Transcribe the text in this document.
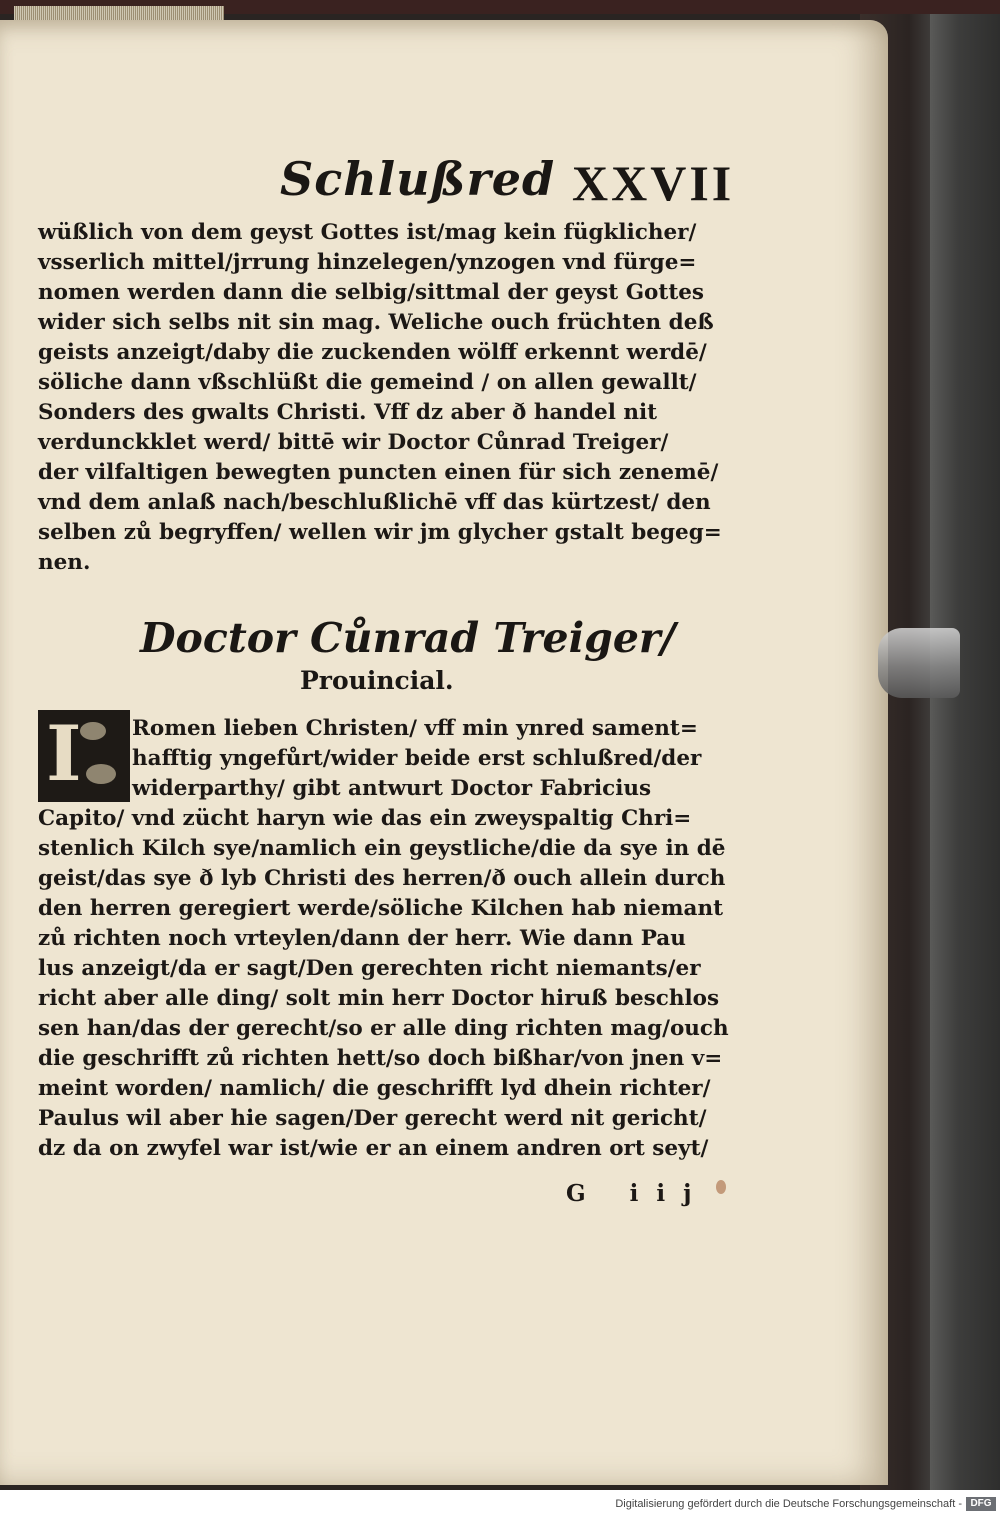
Schlußred XXVII
wüßlich von dem geyst Gottes ist/mag kein fügklicher/
vsserlich mittel/jrrung hinzelegen/ynzogen vnd fürge=
nomen werden dann die selbig/sittmal der geyst Gottes
wider sich selbs nit sin mag. Weliche ouch früchten deß
geists anzeigt/daby die zuckenden wölff erkennt werdē/
söliche dann vßschlüßt die gemeind / on allen gewallt/
Sonders des gwalts Christi. Vff dz aber ð handel nit
verdunckklet werd/ bittē wir Doctor Cůnrad Treiger/
der vilfaltigen bewegten puncten einen für sich zenemē/
vnd dem anlaß nach/beschlußlichē vff das kürtzest/ den
selben zů begryffen/ wellen wir jm glycher gstalt begeg=
nen.
Doctor Cůnrad Treiger/
Prouincial.
I Romen lieben Christen/ vff min ynred sament=
hafftig yngefůrt/wider beide erst schlußred/der
widerparthy/ gibt antwurt Doctor Fabricius
Capito/ vnd zücht haryn wie das ein zweyspaltig Chri=
stenlich Kilch sye/namlich ein geystliche/die da sye in dē
geist/das sye ð lyb Christi des herren/ð ouch allein durch
den herren geregiert werde/söliche Kilchen hab niemant
zů richten noch vrteylen/dann der herr. Wie dann Pau
lus anzeigt/da er sagt/Den gerechten richt niemants/er
richt aber alle ding/ solt min herr Doctor hiruß beschlos
sen han/das der gerecht/so er alle ding richten mag/ouch
die geschrifft zů richten hett/so doch bißhar/von jnen v=
meint worden/ namlich/ die geschrifft lyd dhein richter/
Paulus wil aber hie sagen/Der gerecht werd nit gericht/
dz da on zwyfel war ist/wie er an einem andren ort seyt/
G iij
Digitalisierung gefördert durch die Deutsche Forschungsgemeinschaft - DFG
